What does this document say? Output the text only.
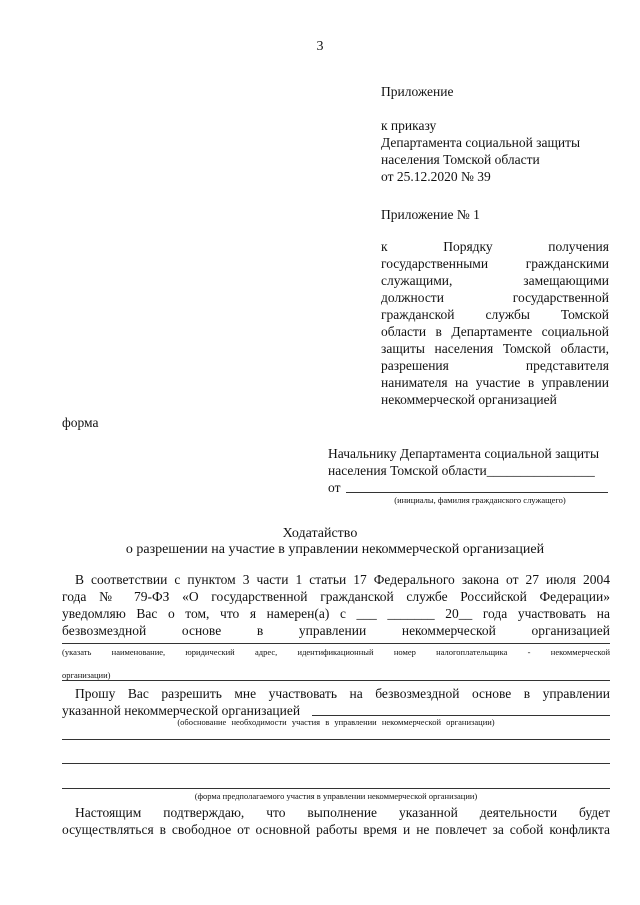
3
Приложение
к приказу
Департамента социальной защиты
населения Томской области
от 25.12.2020 № 39
Приложение № 1
к Порядку получения
государственными гражданскими
служащими, замещающими
должности государственной
гражданской службы Томской
области в Департаменте социальной
защиты населения Томской области,
разрешения представителя
нанимателя на участие в управлении
некоммерческой организацией
форма
Начальнику Департамента социальной защиты
населения Томской области________________
от
(инициалы, фамилия гражданского служащего)
Ходатайство
о разрешении на участие в управлении некоммерческой организацией
В соответствии с пунктом 3 части 1 статьи 17 Федерального закона от 27 июля 2004
года № 79-ФЗ «О государственной гражданской службе Российской Федерации»
уведомляю Вас о том, что я намерен(а) с ___ _______ 20__ года участвовать на
безвозмездной основе в управлении некоммерческой организацией
(указать наименование, юридический адрес, идентификационный номер налогоплательщика - некоммерческой
организации)
Прошу Вас разрешить мне участвовать на безвозмездной основе в управлении
указанной некоммерческой организацией
(обоснование необходимости участия в управлении некоммерческой организации)
(форма предполагаемого участия в управлении некоммерческой организации)
Настоящим подтверждаю, что выполнение указанной деятельности будет
осуществляться в свободное от основной работы время и не повлечет за собой конфликта
